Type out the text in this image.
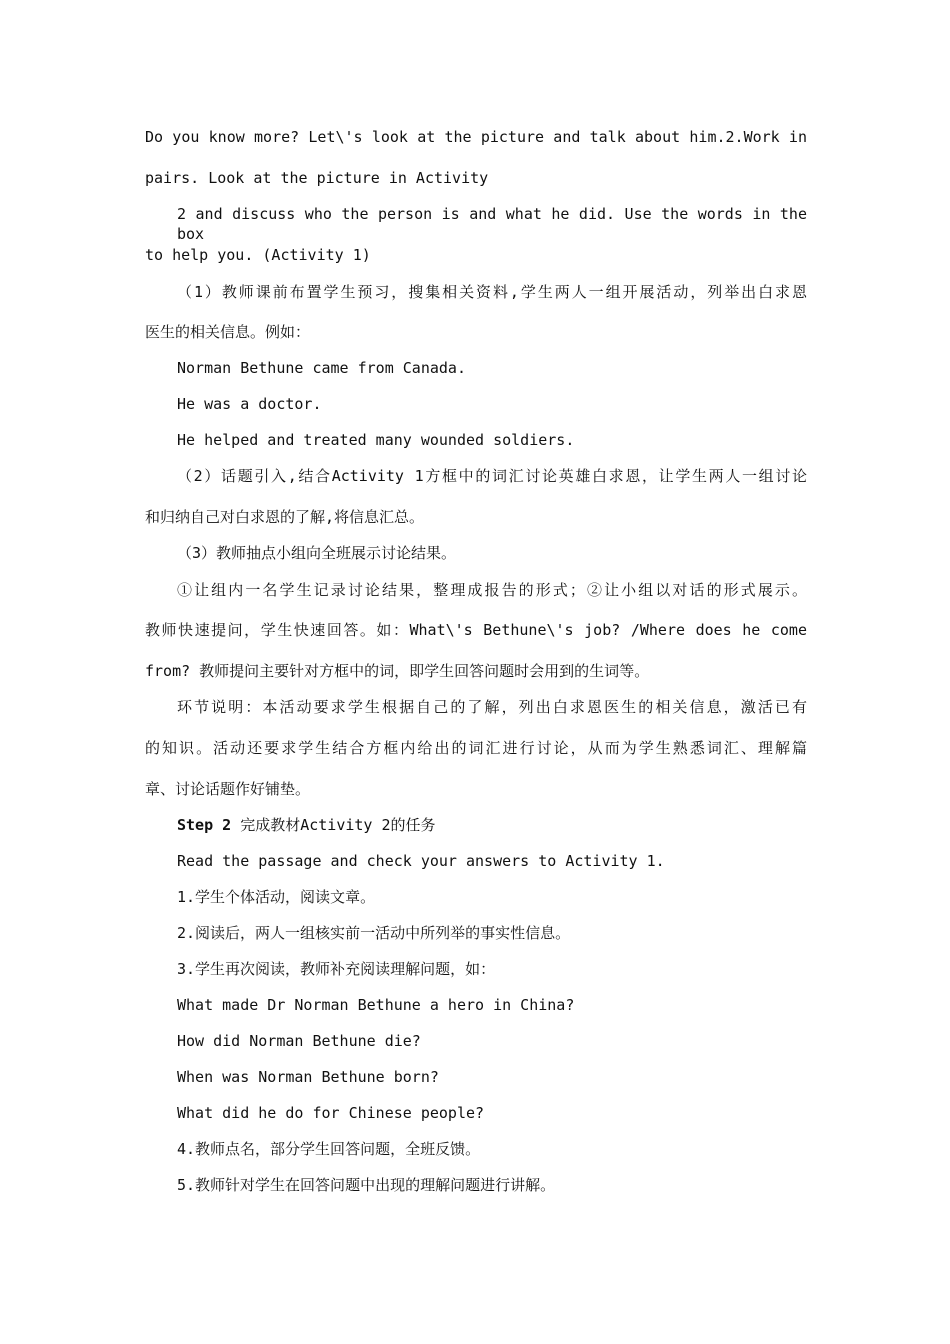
Do you know more? Let\'s look at the picture and talk about him.2.Work in
pairs. Look at the picture in Activity
2 and discuss who the person is and what he did. Use the words in the box
to help you. (Activity 1)
（1）教师课前布置学生预习，搜集相关资料,学生两人一组开展活动，列举出白求恩
医生的相关信息。例如：
Norman Bethune came from Canada.
He was a doctor.
He helped and treated many wounded soldiers.
（2）话题引入,结合Activity 1方框中的词汇讨论英雄白求恩，让学生两人一组讨论
和归纳自己对白求恩的了解,将信息汇总。
（3）教师抽点小组向全班展示讨论结果。
①让组内一名学生记录讨论结果，整理成报告的形式；②让小组以对话的形式展示。
教师快速提问，学生快速回答。如：What\'s Bethune\'s job? /Where does he come
from? 教师提问主要针对方框中的词，即学生回答问题时会用到的生词等。
环节说明：本活动要求学生根据自己的了解，列出白求恩医生的相关信息，激活已有
的知识。活动还要求学生结合方框内给出的词汇进行讨论，从而为学生熟悉词汇、理解篇
章、讨论话题作好铺垫。
Step 2 完成教材Activity 2的任务
Read the passage and check your answers to Activity 1.
1.学生个体活动，阅读文章。
2.阅读后，两人一组核实前一活动中所列举的事实性信息。
3.学生再次阅读，教师补充阅读理解问题，如：
What made Dr Norman Bethune a hero in China?
How did Norman Bethune die?
When was Norman Bethune born?
What did he do for Chinese people?
4.教师点名，部分学生回答问题，全班反馈。
5.教师针对学生在回答问题中出现的理解问题进行讲解。
